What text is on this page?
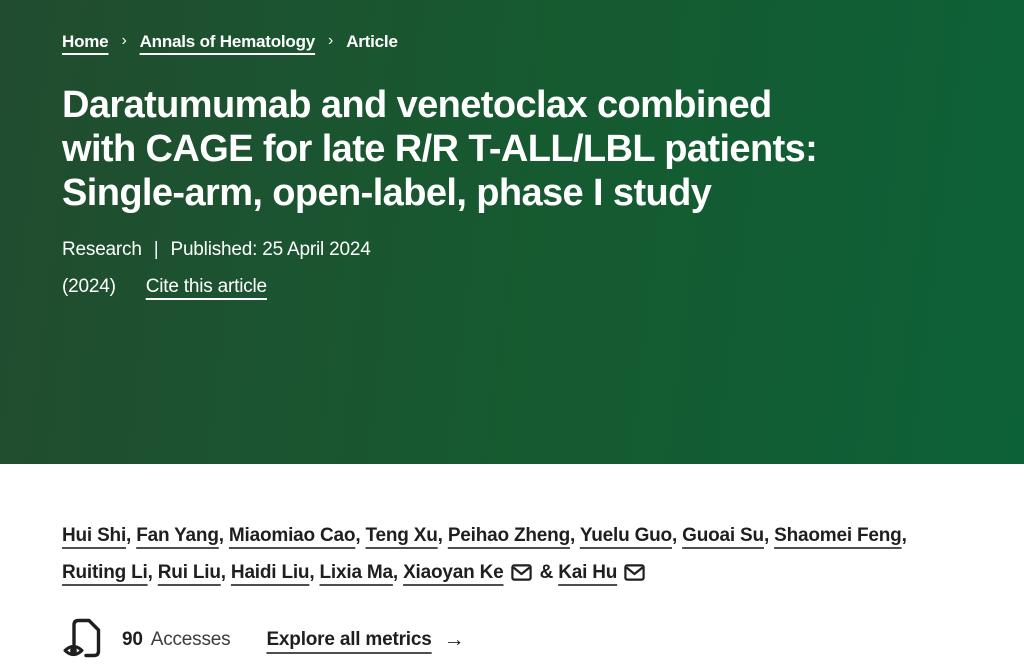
Home › Annals of Hematology › Article
Daratumumab and venetoclax combined
with CAGE for late R/R T-ALL/LBL patients:
Single-arm, open-label, phase I study
Research | Published: 25 April 2024
(2024) Cite this article

Hui Shi, Fan Yang, Miaomiao Cao, Teng Xu, Peihao Zheng, Yuelu Guo, Guoai Su, Shaomei Feng, Ruiting Li, Rui Liu, Haidi Liu, Lixia Ma, Xiaoyan Ke & Kai Hu

90 Accesses Explore all metrics →
